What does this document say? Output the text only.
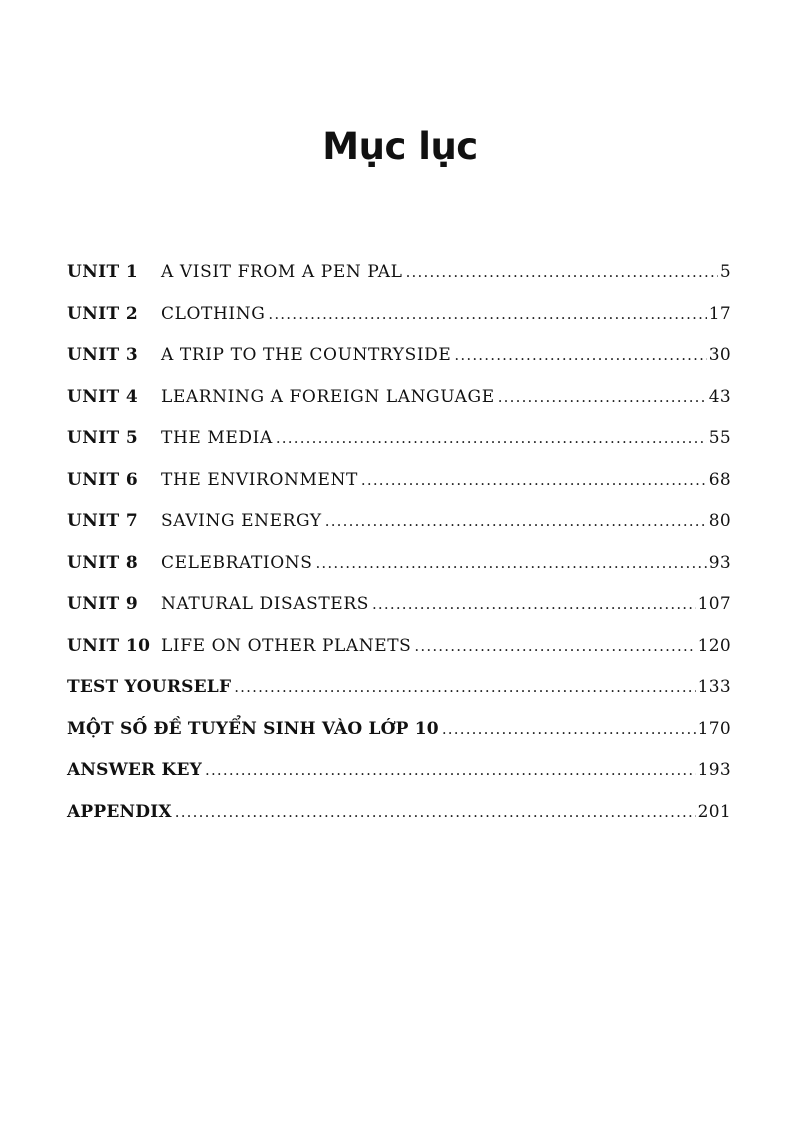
Mục lục
UNIT 1	A VISIT FROM A PEN PAL .....	5
UNIT 2	CLOTHING .....	17
UNIT 3	A TRIP TO THE COUNTRYSIDE .....	30
UNIT 4	LEARNING A FOREIGN LANGUAGE .....	43
UNIT 5	THE MEDIA .....	55
UNIT 6	THE ENVIRONMENT .....	68
UNIT 7	SAVING ENERGY .....	80
UNIT 8	CELEBRATIONS .....	93
UNIT 9	NATURAL DISASTERS .....	107
UNIT 10 LIFE ON OTHER PLANETS .....	120
TEST YOURSELF .....	133
MỘT SỐ ĐỀ TUYỂN SINH VÀO LỚP 10 .....	170
ANSWER KEY .....	193
APPENDIX .....	201
